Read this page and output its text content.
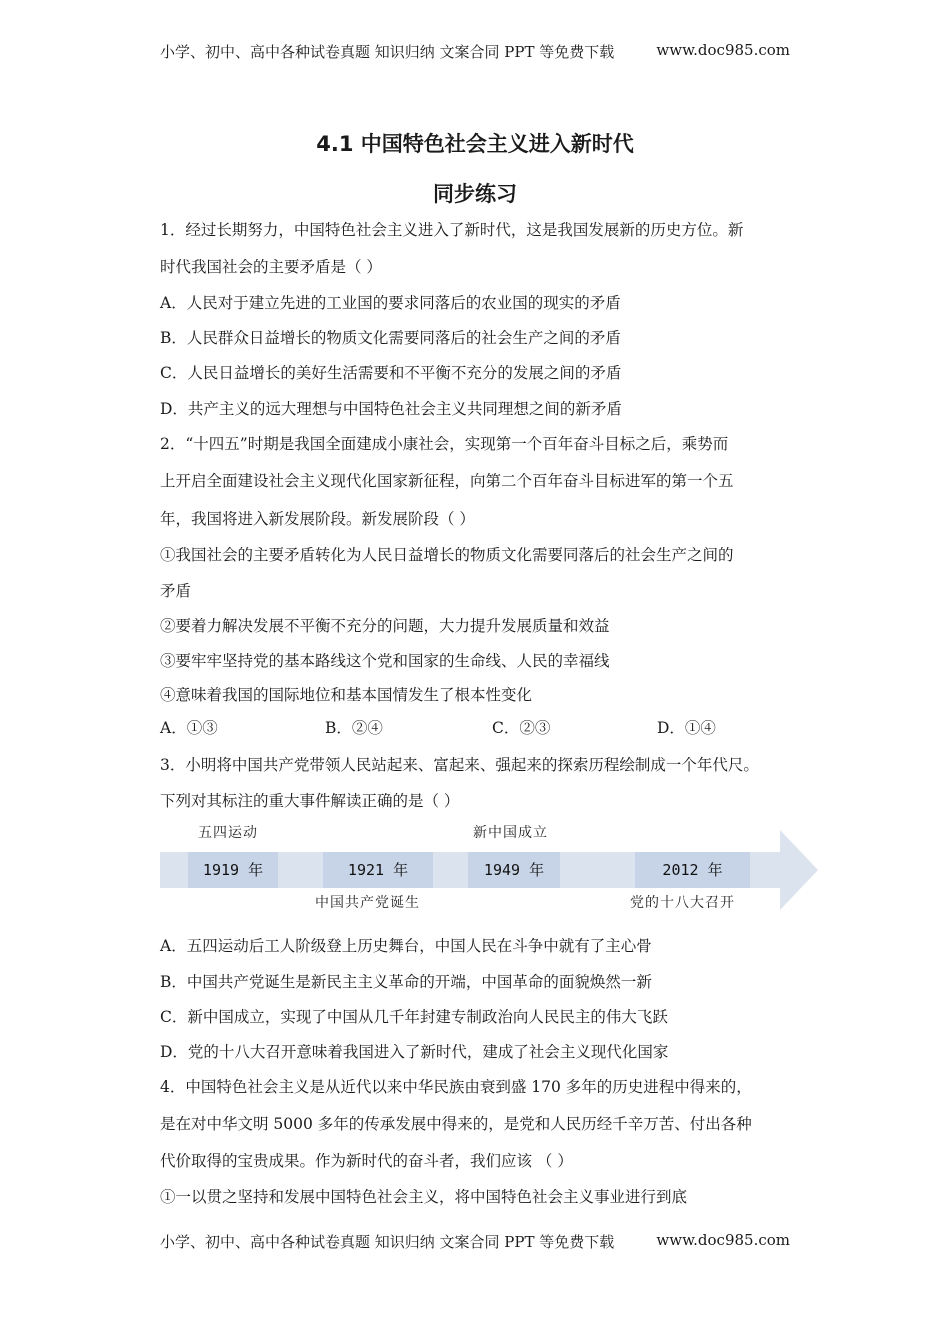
小学、初中、高中各种试卷真题 知识归纳 文案合同 PPT 等免费下载	www.doc985.com
4.1 中国特色社会主义进入新时代
同步练习
1．经过长期努力，中国特色社会主义进入了新时代，这是我国发展新的历史方位。新
时代我国社会的主要矛盾是（ ）
A．人民对于建立先进的工业国的要求同落后的农业国的现实的矛盾
B．人民群众日益增长的物质文化需要同落后的社会生产之间的矛盾
C．人民日益增长的美好生活需要和不平衡不充分的发展之间的矛盾
D．共产主义的远大理想与中国特色社会主义共同理想之间的新矛盾
2．“十四五”时期是我国全面建成小康社会，实现第一个百年奋斗目标之后，乘势而
上开启全面建设社会主义现代化国家新征程，向第二个百年奋斗目标进军的第一个五
年，我国将进入新发展阶段。新发展阶段（ ）
①我国社会的主要矛盾转化为人民日益增长的物质文化需要同落后的社会生产之间的
矛盾
②要着力解决发展不平衡不充分的问题，大力提升发展质量和效益
③要牢牢坚持党的基本路线这个党和国家的生命线、人民的幸福线
④意味着我国的国际地位和基本国情发生了根本性变化
A．①③	B．②④	C．②③	D．①④
3．小明将中国共产党带领人民站起来、富起来、强起来的探索历程绘制成一个年代尺。
下列对其标注的重大事件解读正确的是（ ）
五四运动	新中国成立
1919 年	1921 年	1949 年	2012 年
中国共产党诞生	党的十八大召开
A．五四运动后工人阶级登上历史舞台，中国人民在斗争中就有了主心骨
B．中国共产党诞生是新民主主义革命的开端，中国革命的面貌焕然一新
C．新中国成立，实现了中国从几千年封建专制政治向人民民主的伟大飞跃
D．党的十八大召开意味着我国进入了新时代，建成了社会主义现代化国家
4．中国特色社会主义是从近代以来中华民族由衰到盛 170 多年的历史进程中得来的，
是在对中华文明 5000 多年的传承发展中得来的，是党和人民历经千辛万苦、付出各种
代价取得的宝贵成果。作为新时代的奋斗者，我们应该 （ ）
①一以贯之坚持和发展中国特色社会主义，将中国特色社会主义事业进行到底
小学、初中、高中各种试卷真题 知识归纳 文案合同 PPT 等免费下载	www.doc985.com
